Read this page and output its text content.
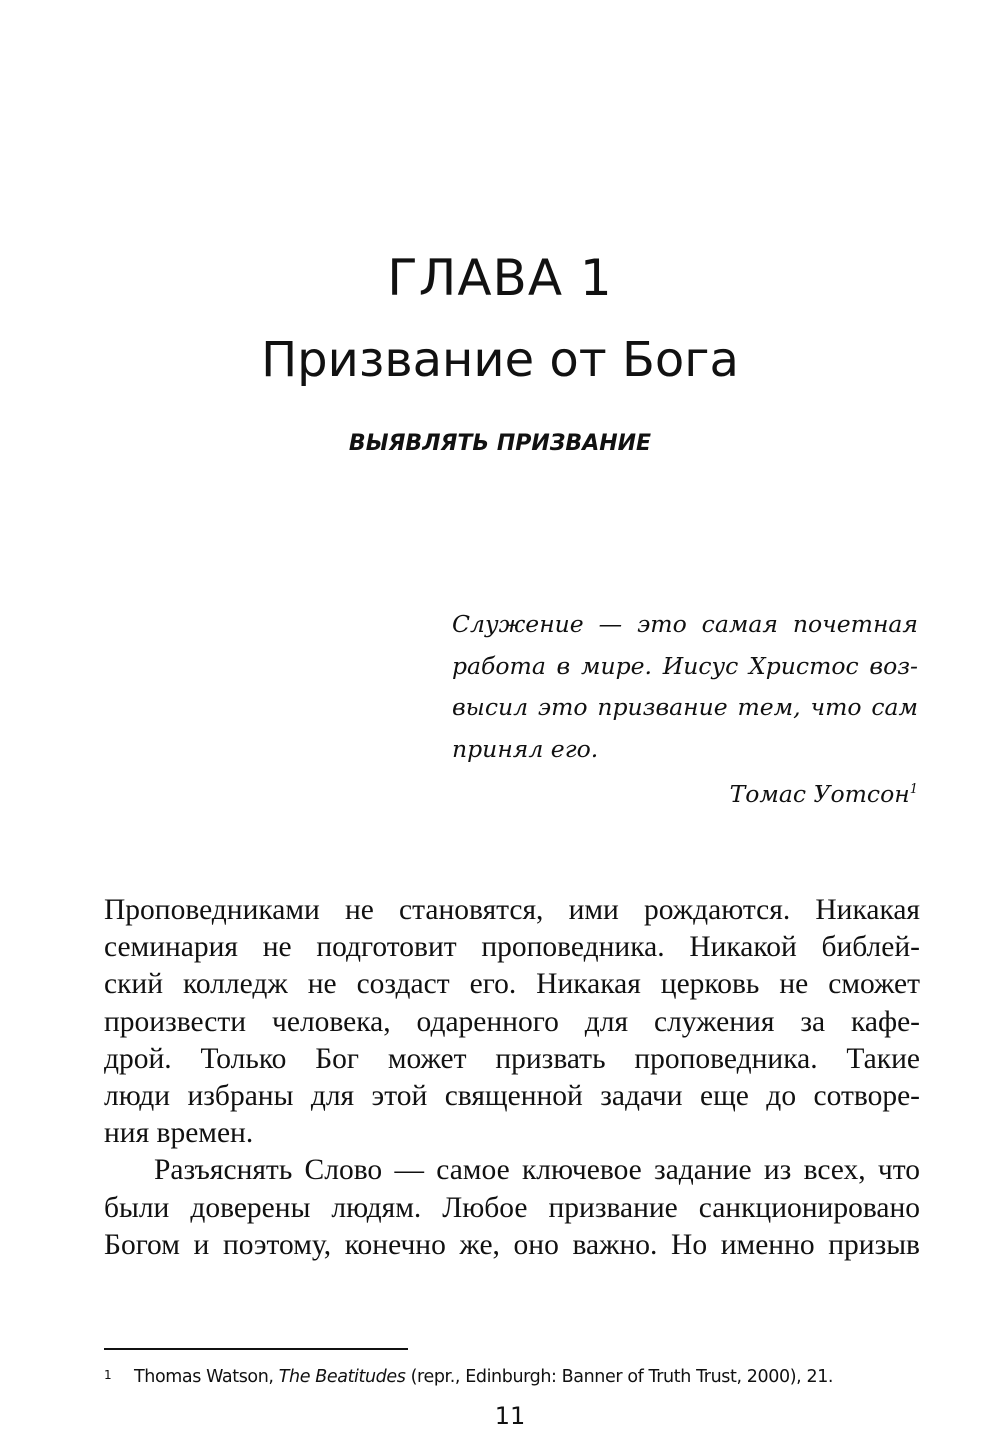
ГЛАВА 1
Призвание от Бога
ВЫЯВЛЯТЬ ПРИЗВАНИЕ
Служение — это самая почетная
работа в мире. Иисус Христос воз-
высил это призвание тем, что сам
принял его.
Томас Уотсон$^1$
Проповедниками не становятся, ими рождаются. Никакая
семинария не подготовит проповедника. Никакой библей-
ский колледж не создаст его. Никакая церковь не сможет
произвести человека, одаренного для служения за кафе-
дрой. Только Бог может призвать проповедника. Такие
люди избраны для этой священной задачи еще до сотворе-
ния времен.
Разъяснять Слово — самое ключевое задание из всех, что
были доверены людям. Любое призвание санкционировано
Богом и поэтому, конечно же, оно важно. Но именно призыв
1 Thomas Watson, The Beatitudes (repr., Edinburgh: Banner of Truth Trust, 2000), 21.
11
